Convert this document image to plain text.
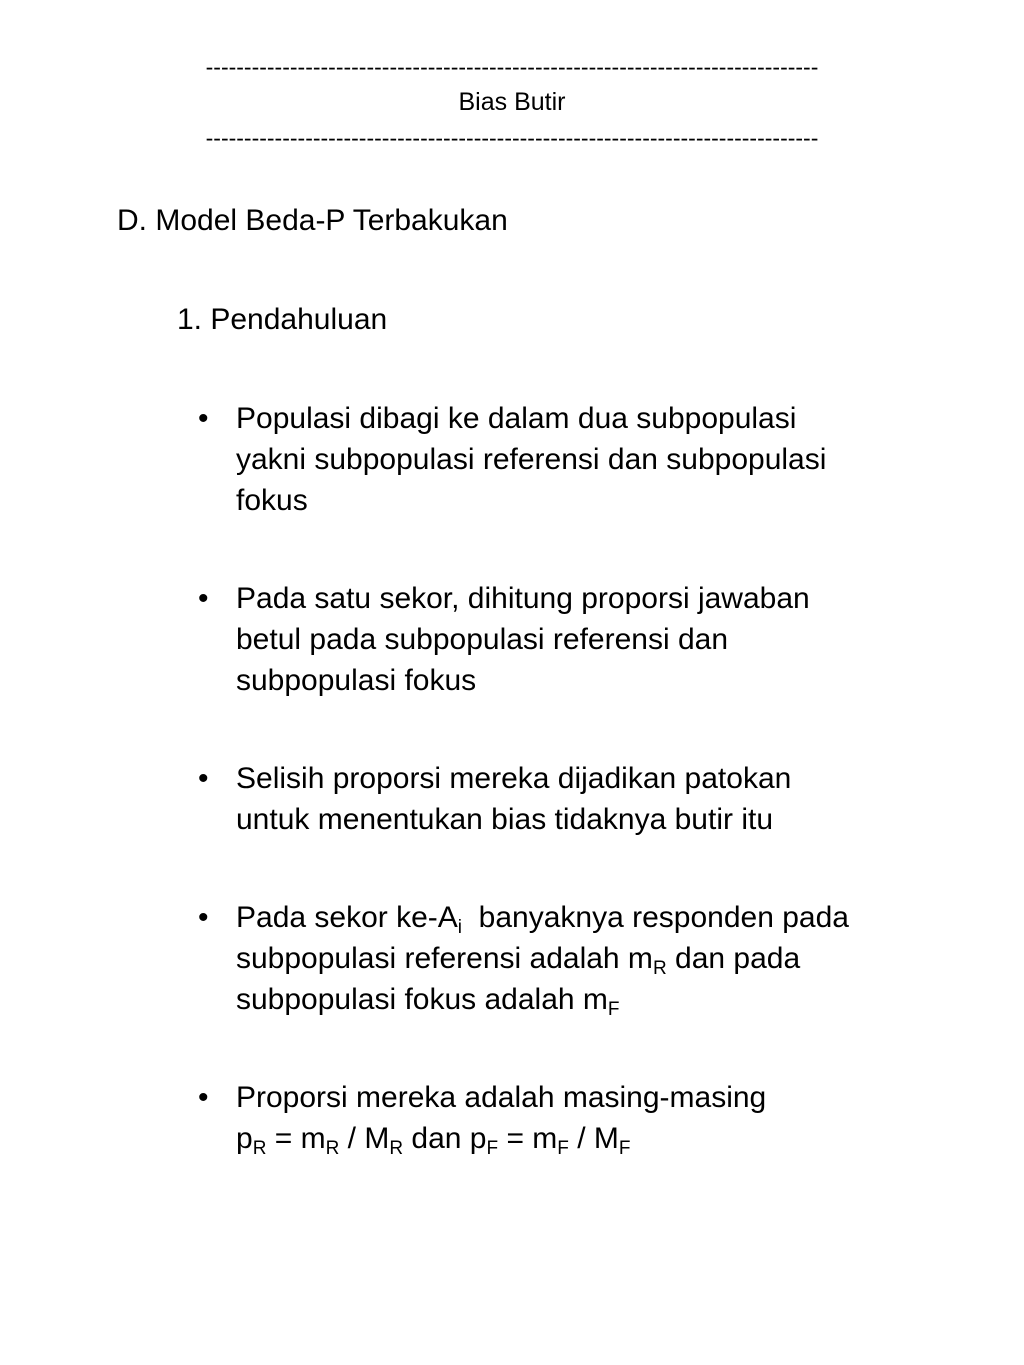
--------------------------------------------------------------------------------
Bias Butir
--------------------------------------------------------------------------------
D. Model Beda-P Terbakukan
1. Pendahuluan
• Populasi dibagi ke dalam dua subpopulasi
yakni subpopulasi referensi dan subpopulasi
fokus
• Pada satu sekor, dihitung proporsi jawaban
betul pada subpopulasi referensi dan
subpopulasi fokus
• Selisih proporsi mereka dijadikan patokan
untuk menentukan bias tidaknya butir itu
• Pada sekor $ke-A_i$  banyaknya responden pada
subpopulasi referensi adalah $m_R$ dan pada
subpopulasi fokus adalah $m_F$
• Proporsi mereka adalah masing-masing
$p_R = m_R / M_R$ dan $p_F = m_F / M_F$
